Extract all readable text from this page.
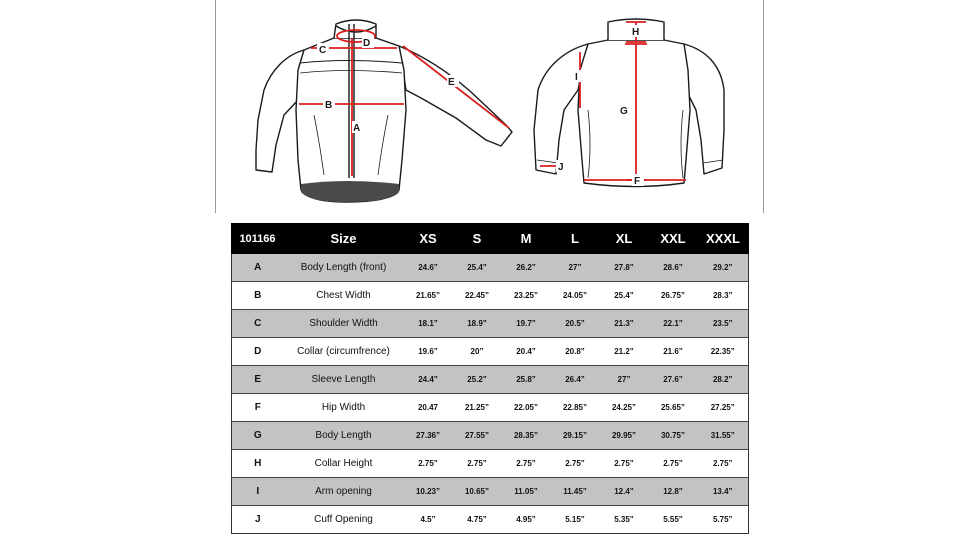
A
B
C
D
E
H
G
F
I
J
101166	Size	XS	S	M	L	XL	XXL	XXXL
A	Body Length (front)	24.6”	25.4”	26.2”	27”	27.8”	28.6”	29.2”
B	Chest Width	21.65”	22.45”	23.25”	24.05”	25.4”	26.75”	28.3”
C	Shoulder Width	18.1”	18.9”	19.7”	20.5”	21.3”	22.1”	23.5”
D	Collar (circumfrence)	19.6”	20”	20.4”	20.8”	21.2”	21.6”	22.35”
E	Sleeve Length	24.4”	25.2”	25.8”	26.4”	27”	27.6”	28.2”
F	Hip Width	20.47	21.25”	22.05”	22.85”	24.25”	25.65”	27.25”
G	Body Length	27.36”	27.55”	28.35”	29.15”	29.95”	30.75”	31.55”
H	Collar Height	2.75”	2.75”	2.75”	2.75”	2.75”	2.75”	2.75”
I	Arm opening	10.23”	10.65”	11.05”	11.45”	12.4”	12.8”	13.4”
J	Cuff Opening	4.5”	4.75”	4.95”	5.15”	5.35”	5.55”	5.75”
